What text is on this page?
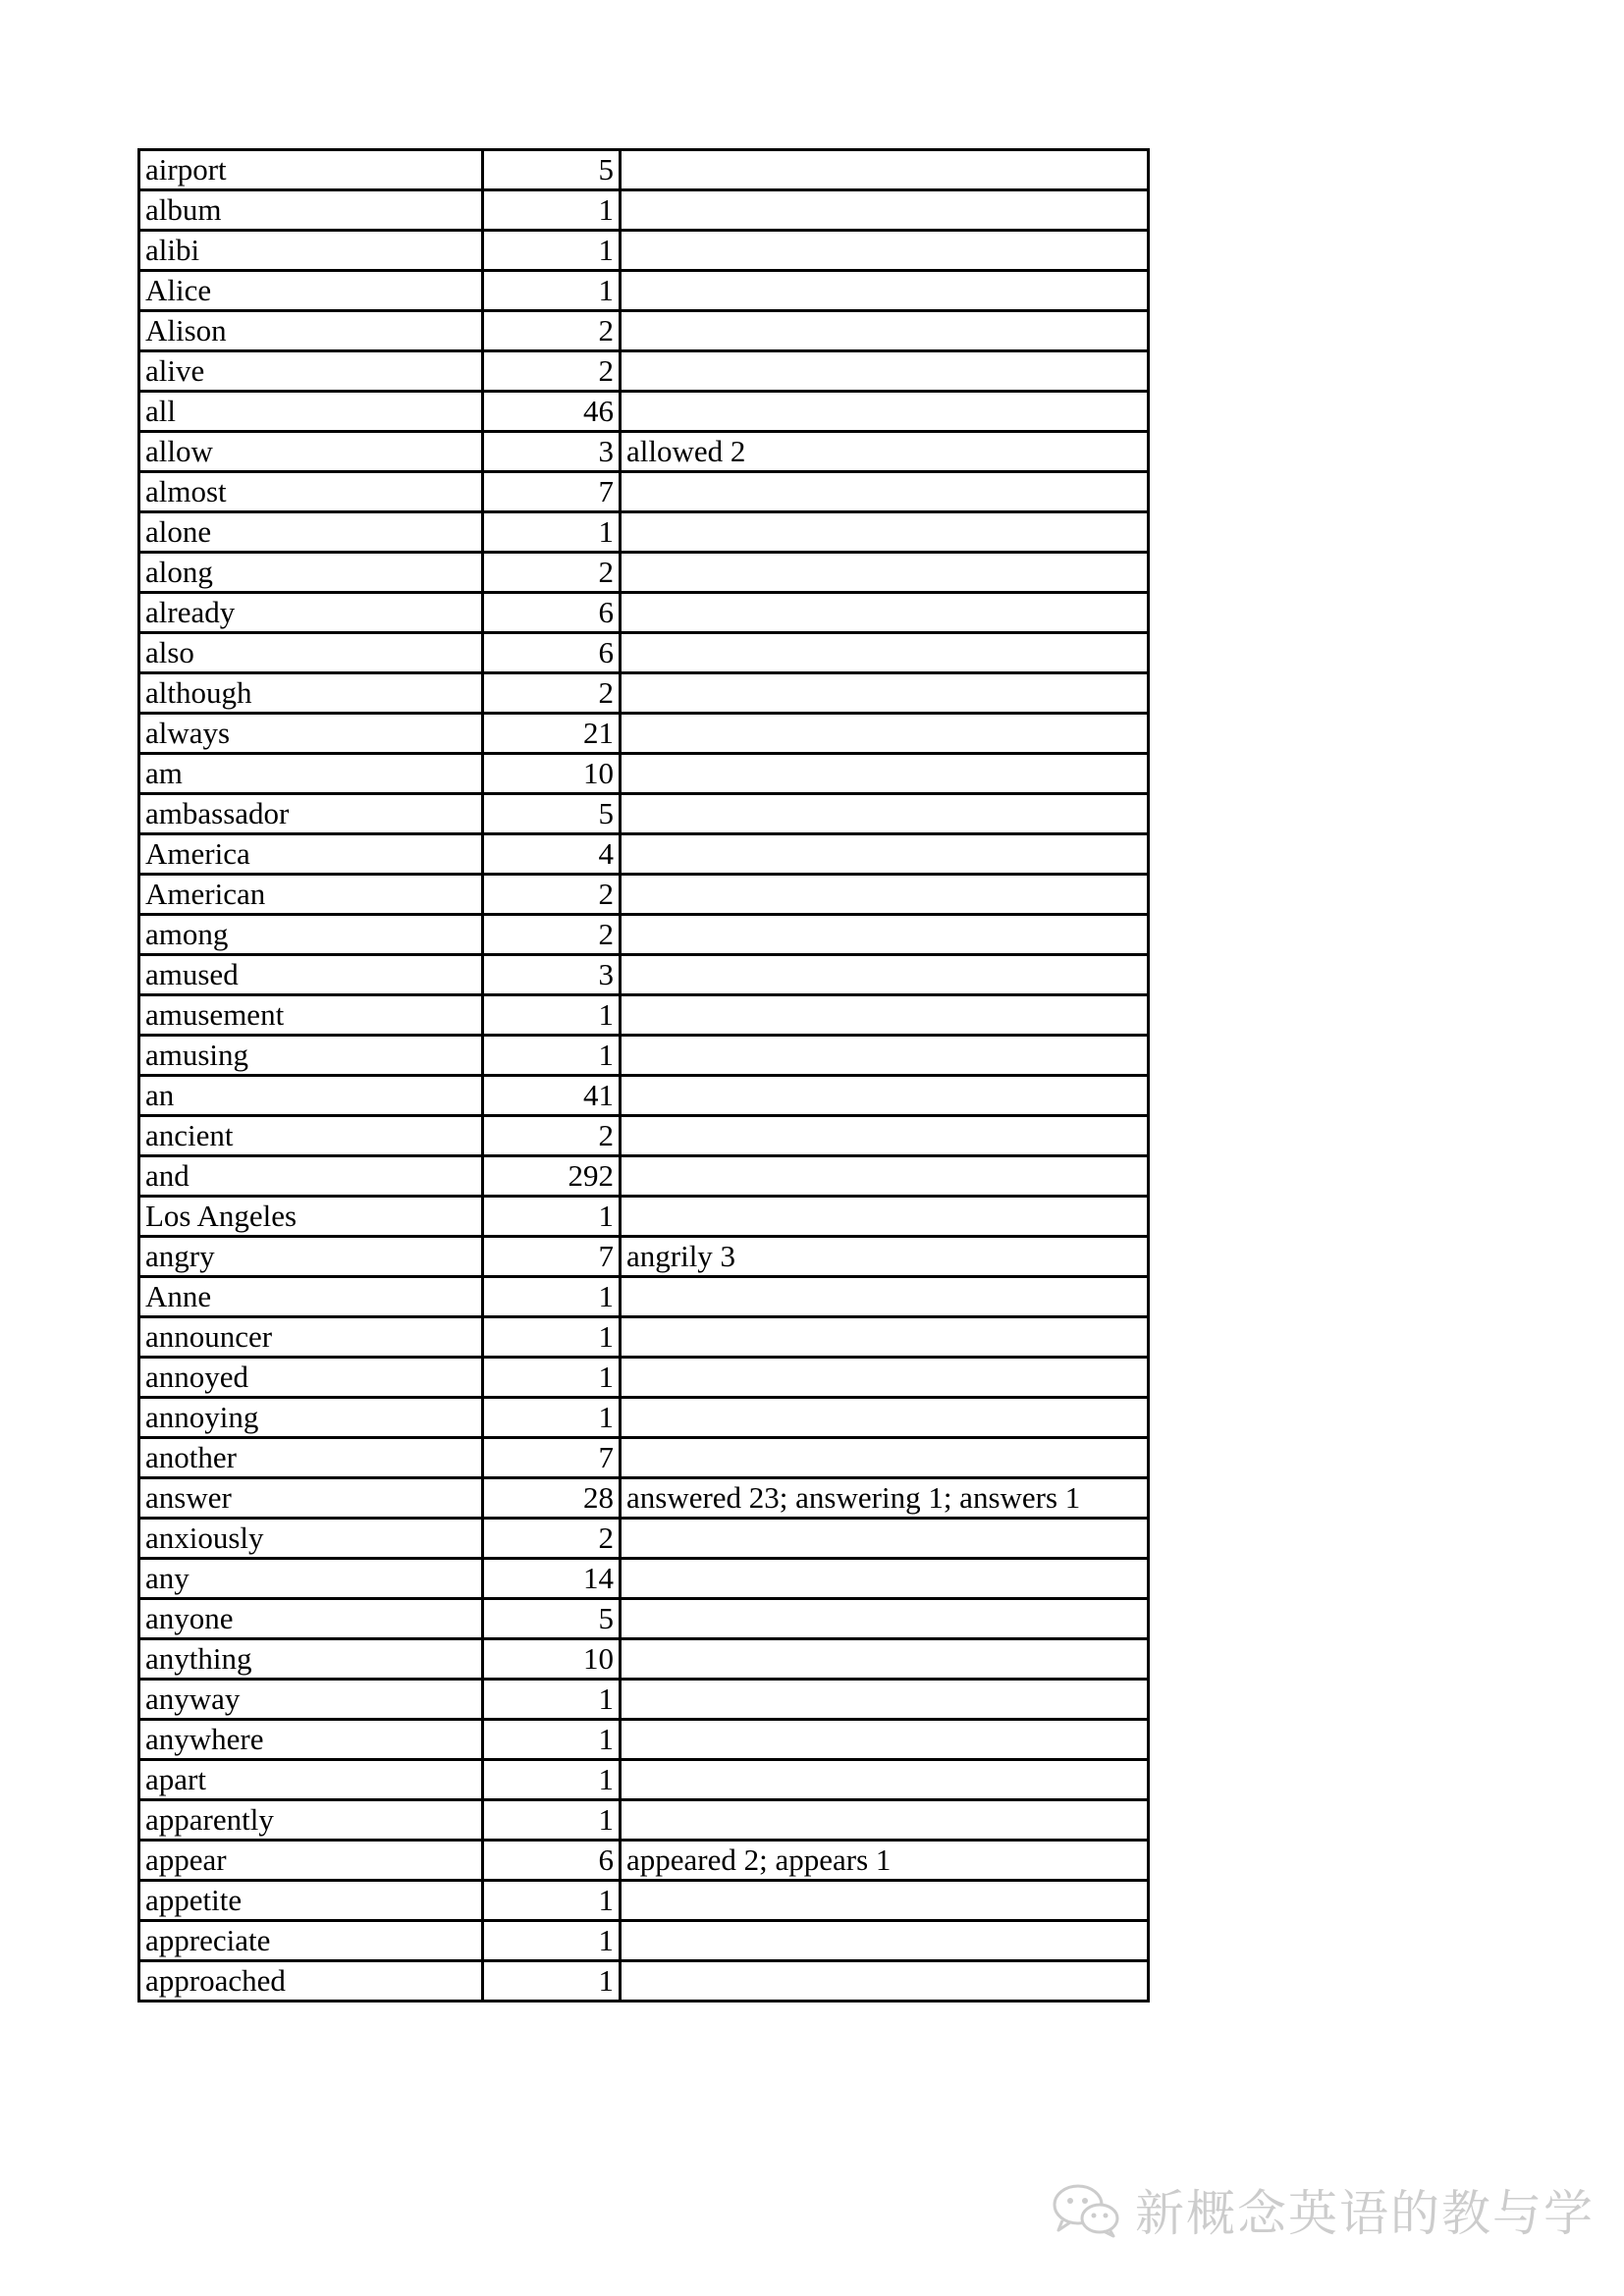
airport	5	
album	1	
alibi	1	
Alice	1	
Alison	2	
alive	2	
all	46	
allow	3	allowed 2
almost	7	
alone	1	
along	2	
already	6	
also	6	
although	2	
always	21	
am	10	
ambassador	5	
America	4	
American	2	
among	2	
amused	3	
amusement	1	
amusing	1	
an	41	
ancient	2	
and	292	
Los Angeles	1	
angry	7	angrily 3
Anne	1	
announcer	1	
annoyed	1	
annoying	1	
another	7	
answer	28	answered 23; answering 1; answers 1
anxiously	2	
any	14	
anyone	5	
anything	10	
anyway	1	
anywhere	1	
apart	1	
apparently	1	
appear	6	appeared 2; appears 1
appetite	1	
appreciate	1	
approached	1	
新概念英语的教与学
